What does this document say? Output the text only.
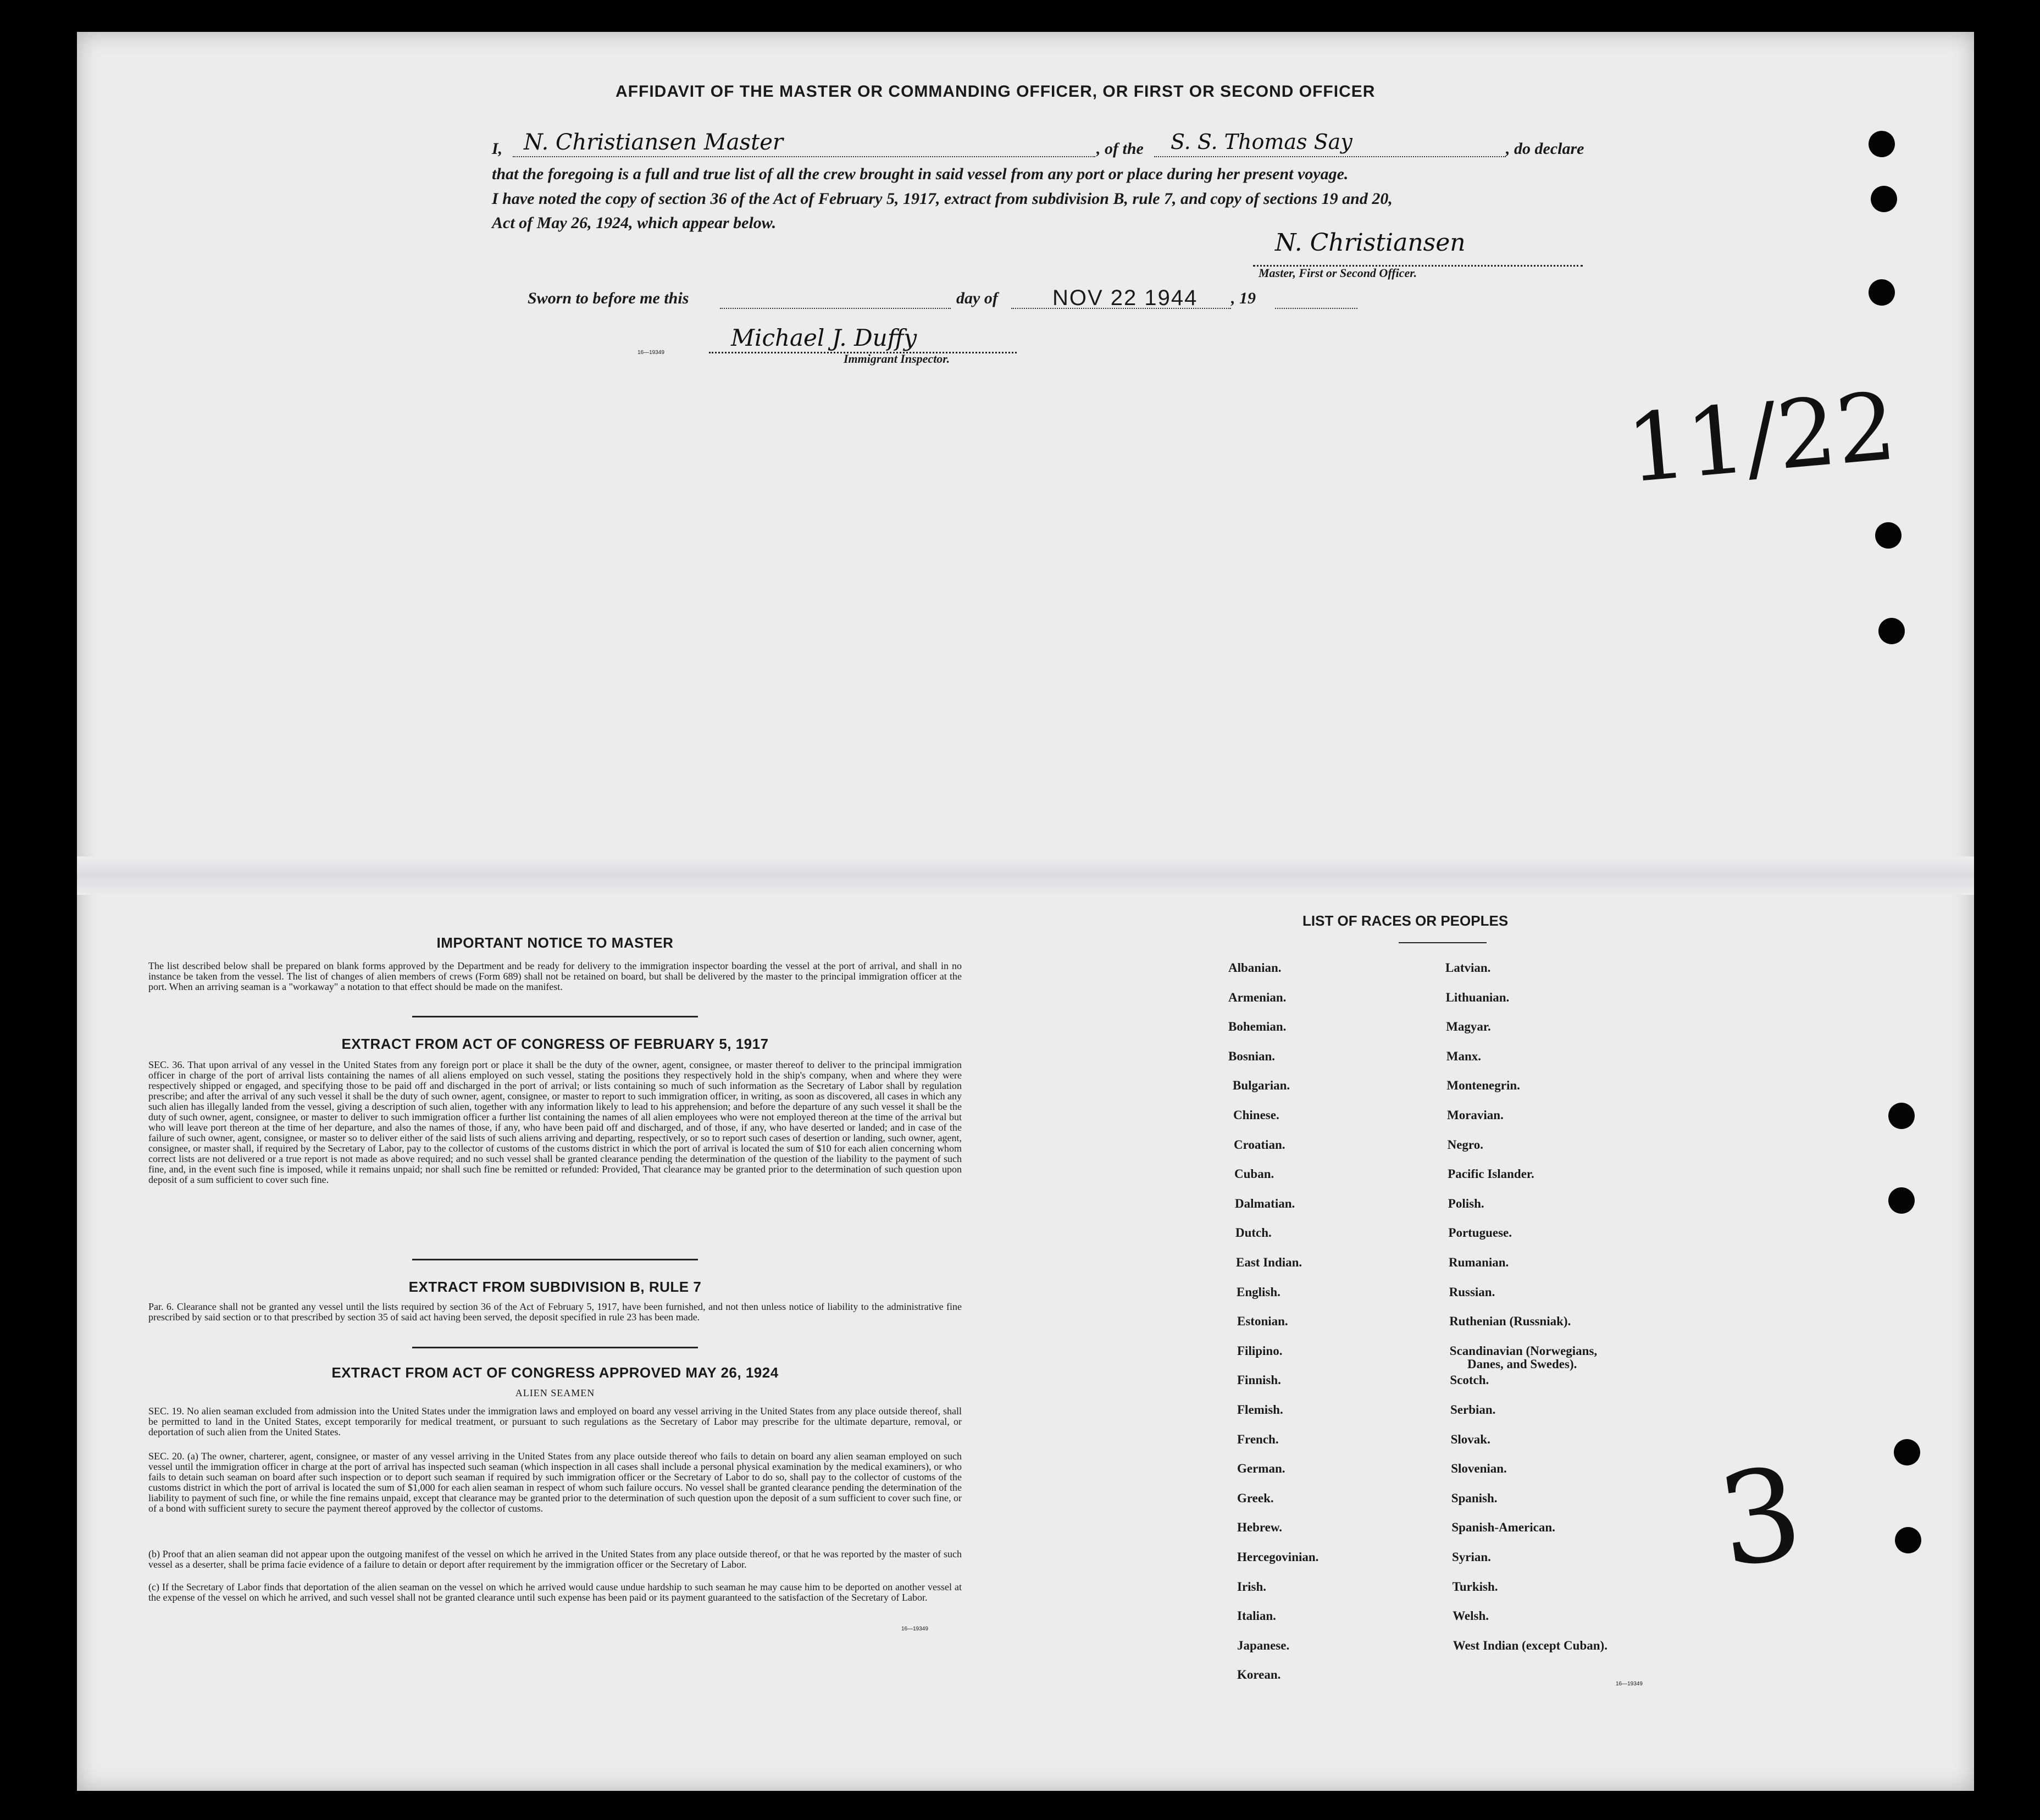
AFFIDAVIT OF THE MASTER OR COMMANDING OFFICER, OR FIRST OR SECOND OFFICER
I, N. Christiansen Master	, of the S. S. Thomas Say	, do declare
that the foregoing is a full and true list of all the crew brought in said vessel from any port or place during her present voyage.
I have noted the copy of section 36 of the Act of February 5, 1917, extract from subdivision B, rule 7, and copy of sections 19 and 20,
Act of May 26, 1924, which appear below.
N. Christiansen
Master, First or Second Officer.
Sworn to before me this	day of NOV 22 1944 , 19
16—19349
Michael J. Duffy
Immigrant Inspector.
11/22
3
IMPORTANT NOTICE TO MASTER
The list described below shall be prepared on blank forms approved by the Department and be ready for delivery to the immigration inspector boarding the vessel at the port of arrival, and shall in no instance be taken from the vessel. The list of changes of alien members of crews (Form 689) shall not be retained on board, but shall be delivered by the master to the principal immigration officer at the port. When an arriving seaman is a "workaway" a notation to that effect should be made on the manifest.
EXTRACT FROM ACT OF CONGRESS OF FEBRUARY 5, 1917
SEC. 36. That upon arrival of any vessel in the United States from any foreign port or place it shall be the duty of the owner, agent, consignee, or master thereof to deliver to the principal immigration officer in charge of the port of arrival lists containing the names of all aliens employed on such vessel, stating the positions they respectively hold in the ship's company, when and where they were respectively shipped or engaged, and specifying those to be paid off and discharged in the port of arrival; or lists containing so much of such information as the Secretary of Labor shall by regulation prescribe; and after the arrival of any such vessel it shall be the duty of such owner, agent, consignee, or master to report to such immigration officer, in writing, as soon as discovered, all cases in which any such alien has illegally landed from the vessel, giving a description of such alien, together with any information likely to lead to his apprehension; and before the departure of any such vessel it shall be the duty of such owner, agent, consignee, or master to deliver to such immigration officer a further list containing the names of all alien employees who were not employed thereon at the time of the arrival but who will leave port thereon at the time of her departure, and also the names of those, if any, who have been paid off and discharged, and of those, if any, who have deserted or landed; and in case of the failure of such owner, agent, consignee, or master so to deliver either of the said lists of such aliens arriving and departing, respectively, or so to report such cases of desertion or landing, such owner, agent, consignee, or master shall, if required by the Secretary of Labor, pay to the collector of customs of the customs district in which the port of arrival is located the sum of $10 for each alien concerning whom correct lists are not delivered or a true report is not made as above required; and no such vessel shall be granted clearance pending the determination of the question of the liability to the payment of such fine, and, in the event such fine is imposed, while it remains unpaid; nor shall such fine be remitted or refunded: Provided, That clearance may be granted prior to the determination of such question upon deposit of a sum sufficient to cover such fine.
EXTRACT FROM SUBDIVISION B, RULE 7
Par. 6. Clearance shall not be granted any vessel until the lists required by section 36 of the Act of February 5, 1917, have been furnished, and not then unless notice of liability to the administrative fine prescribed by said section or to that prescribed by section 35 of said act having been served, the deposit specified in rule 23 has been made.
EXTRACT FROM ACT OF CONGRESS APPROVED MAY 26, 1924
ALIEN SEAMEN
SEC. 19. No alien seaman excluded from admission into the United States under the immigration laws and employed on board any vessel arriving in the United States from any place outside thereof, shall be permitted to land in the United States, except temporarily for medical treatment, or pursuant to such regulations as the Secretary of Labor may prescribe for the ultimate departure, removal, or deportation of such alien from the United States.
SEC. 20. (a) The owner, charterer, agent, consignee, or master of any vessel arriving in the United States from any place outside thereof who fails to detain on board any alien seaman employed on such vessel until the immigration officer in charge at the port of arrival has inspected such seaman (which inspection in all cases shall include a personal physical examination by the medical examiners), or who fails to detain such seaman on board after such inspection or to deport such seaman if required by such immigration officer or the Secretary of Labor to do so, shall pay to the collector of customs of the customs district in which the port of arrival is located the sum of $1,000 for each alien seaman in respect of whom such failure occurs. No vessel shall be granted clearance pending the determination of the liability to payment of such fine, or while the fine remains unpaid, except that clearance may be granted prior to the determination of such question upon the deposit of a sum sufficient to cover such fine, or of a bond with sufficient surety to secure the payment thereof approved by the collector of customs.
(b) Proof that an alien seaman did not appear upon the outgoing manifest of the vessel on which he arrived in the United States from any place outside thereof, or that he was reported by the master of such vessel as a deserter, shall be prima facie evidence of a failure to detain or deport after requirement by the immigration officer or the Secretary of Labor.
(c) If the Secretary of Labor finds that deportation of the alien seaman on the vessel on which he arrived would cause undue hardship to such seaman he may cause him to be deported on another vessel at the expense of the vessel on which he arrived, and such vessel shall not be granted clearance until such expense has been paid or its payment guaranteed to the satisfaction of the Secretary of Labor.
16—19349
LIST OF RACES OR PEOPLES
Albanian.
Armenian.
Bohemian.
Bosnian.
Bulgarian.
Chinese.
Croatian.
Cuban.
Dalmatian.
Dutch.
East Indian.
English.
Estonian.
Filipino.
Finnish.
Flemish.
French.
German.
Greek.
Hebrew.
Hercegovinian.
Irish.
Italian.
Japanese.
Korean.
Latvian.
Lithuanian.
Magyar.
Manx.
Montenegrin.
Moravian.
Negro.
Pacific Islander.
Polish.
Portuguese.
Rumanian.
Russian.
Ruthenian (Russniak).
Scandinavian (Norwegians,
Danes, and Swedes).
Scotch.
Serbian.
Slovak.
Slovenian.
Spanish.
Spanish-American.
Syrian.
Turkish.
Welsh.
West Indian (except Cuban).
16—19349
